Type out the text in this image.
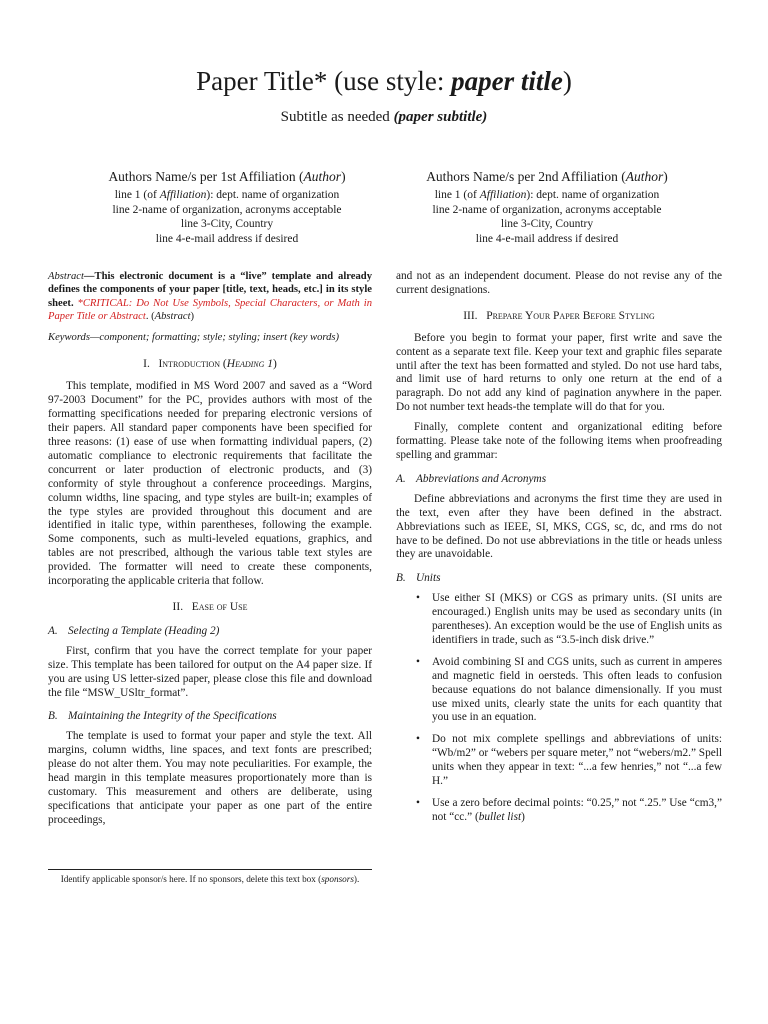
Paper Title* (use style: paper title)
Subtitle as needed (paper subtitle)
Authors Name/s per 1st Affiliation (Author)
line 1 (of Affiliation): dept. name of organization
line 2-name of organization, acronyms acceptable
line 3-City, Country
line 4-e-mail address if desired
Authors Name/s per 2nd Affiliation (Author)
line 1 (of Affiliation): dept. name of organization
line 2-name of organization, acronyms acceptable
line 3-City, Country
line 4-e-mail address if desired

Abstract—This electronic document is a “live” template and already defines the components of your paper [title, text, heads, etc.] in its style sheet. *CRITICAL: Do Not Use Symbols, Special Characters, or Math in Paper Title or Abstract. (Abstract)

Keywords—component; formatting; style; styling; insert (key words)

I. Introduction (Heading 1)

This template, modified in MS Word 2007 and saved as a “Word 97-2003 Document” for the PC, provides authors with most of the formatting specifications needed for preparing electronic versions of their papers. All standard paper components have been specified for three reasons: (1) ease of use when formatting individual papers, (2) automatic compliance to electronic requirements that facilitate the concurrent or later production of electronic products, and (3) conformity of style throughout a conference proceedings. Margins, column widths, line spacing, and type styles are built-in; examples of the type styles are provided throughout this document and are identified in italic type, within parentheses, following the example. Some components, such as multi-leveled equations, graphics, and tables are not prescribed, although the various table text styles are provided. The formatter will need to create these components, incorporating the applicable criteria that follow.

II. Ease of Use
A. Selecting a Template (Heading 2)

First, confirm that you have the correct template for your paper size. This template has been tailored for output on the A4 paper size. If you are using US letter-sized paper, please close this file and download the file “MSW_USltr_format”.

B. Maintaining the Integrity of the Specifications

The template is used to format your paper and style the text. All margins, column widths, line spaces, and text fonts are prescribed; please do not alter them. You may note peculiarities. For example, the head margin in this template measures proportionately more than is customary. This measurement and others are deliberate, using specifications that anticipate your paper as one part of the entire proceedings,

and not as an independent document. Please do not revise any of the current designations.

III. Prepare Your Paper Before Styling

Before you begin to format your paper, first write and save the content as a separate text file. Keep your text and graphic files separate until after the text has been formatted and styled. Do not use hard tabs, and limit use of hard returns to only one return at the end of a paragraph. Do not add any kind of pagination anywhere in the paper. Do not number text heads-the template will do that for you.

Finally, complete content and organizational editing before formatting. Please take note of the following items when proofreading spelling and grammar:

A. Abbreviations and Acronyms

Define abbreviations and acronyms the first time they are used in the text, even after they have been defined in the abstract. Abbreviations such as IEEE, SI, MKS, CGS, sc, dc, and rms do not have to be defined. Do not use abbreviations in the title or heads unless they are unavoidable.

B. Units
• Use either SI (MKS) or CGS as primary units. (SI units are encouraged.) English units may be used as secondary units (in parentheses). An exception would be the use of English units as identifiers in trade, such as “3.5-inch disk drive.”
• Avoid combining SI and CGS units, such as current in amperes and magnetic field in oersteds. This often leads to confusion because equations do not balance dimensionally. If you must use mixed units, clearly state the units for each quantity that you use in an equation.
• Do not mix complete spellings and abbreviations of units: “Wb/m2” or “webers per square meter,” not “webers/m2.” Spell units when they appear in text: “...a few henries,” not “...a few H.”
• Use a zero before decimal points: “0.25,” not “.25.” Use “cm3,” not “cc.” (bullet list)
Identify applicable sponsor/s here. If no sponsors, delete this text box (sponsors).
